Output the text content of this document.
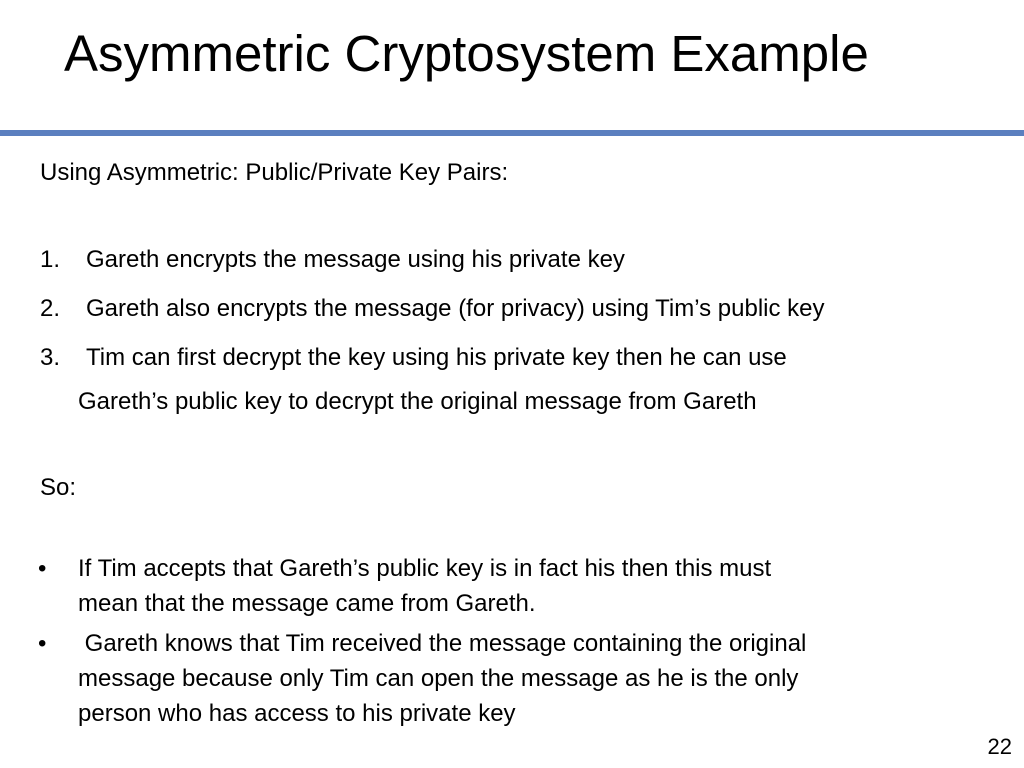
Asymmetric Cryptosystem Example
Using Asymmetric: Public/Private Key Pairs:
1. Gareth encrypts the message using his private key
2. Gareth also encrypts the message (for privacy) using Tim’s public key
3. Tim can first decrypt the key using his private key then he can use
Gareth’s public key to decrypt the original message from Gareth
So:
• If Tim accepts that Gareth’s public key is in fact his then this must
mean that the message came from Gareth.
• Gareth knows that Tim received the message containing the original
message because only Tim can open the message as he is the only
person who has access to his private key
22
